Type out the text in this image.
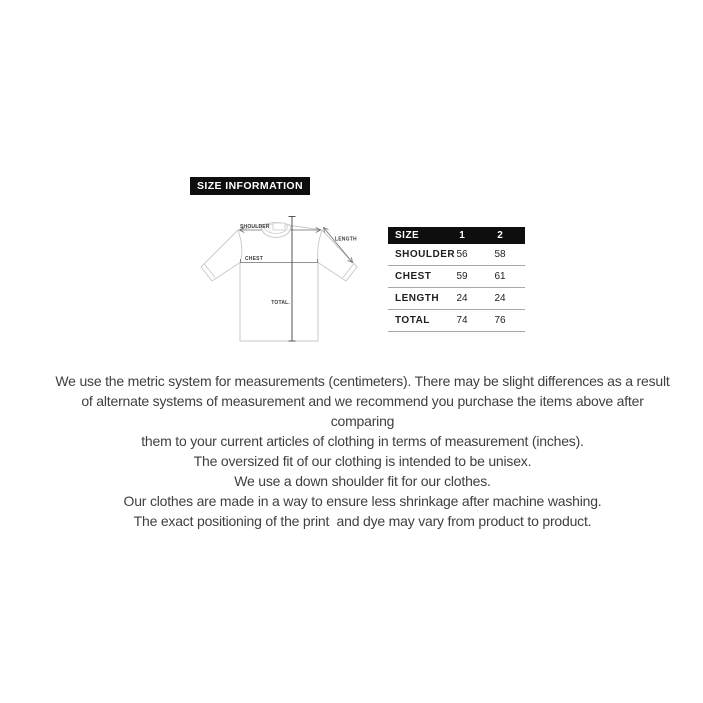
SIZE INFORMATION
SHOULDER
LENGTH
CHEST
TOTAL.
SIZE	1	2
SHOULDER 56	58
CHEST	59	61
LENGTH	24	24
TOTAL	74	76
We use the metric system for measurements (centimeters). There may be slight differences as a result
of alternate systems of measurement and we recommend you purchase the items above after
comparing
them to your current articles of clothing in terms of measurement (inches).
The oversized fit of our clothing is intended to be unisex.
We use a down shoulder fit for our clothes.
Our clothes are made in a way to ensure less shrinkage after machine washing.
The exact positioning of the print  and dye may vary from product to product.
